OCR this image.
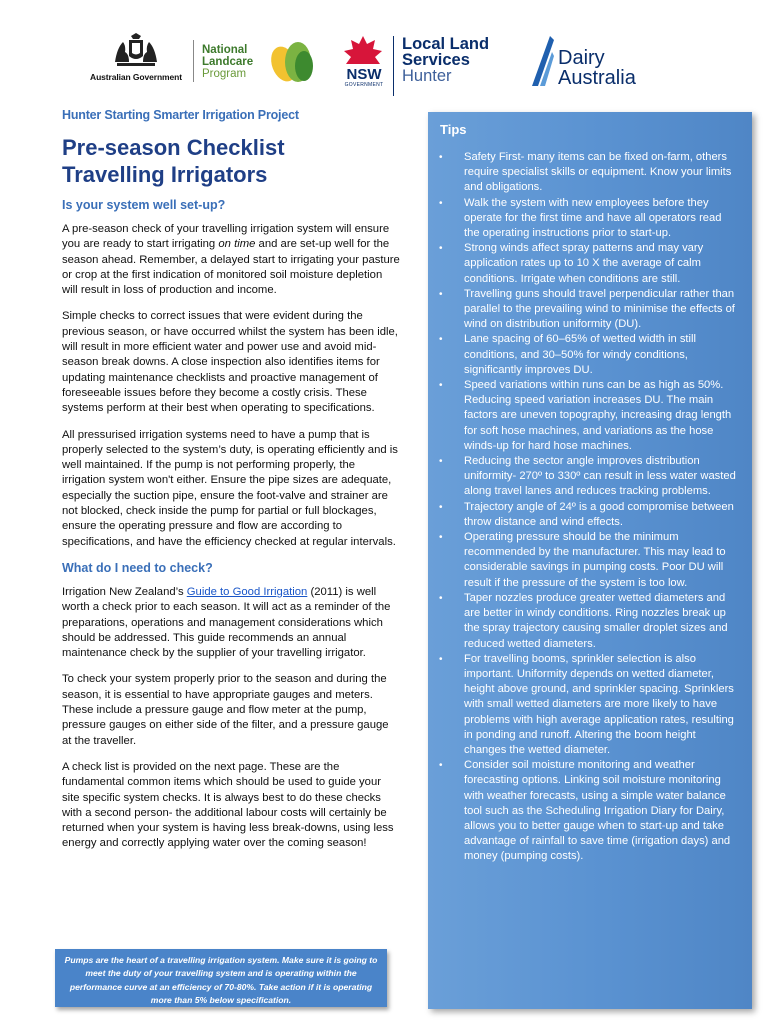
Australian Government
National
Landcare
Program	NSW
GOVERNMENT
Local Land
Services
Hunter
Dairy
Australia
Hunter Starting Smarter Irrigation Project
Pre-season Checklist
Travelling Irrigators
Is your system well set-up?

A pre-season check of your travelling irrigation system will ensure you are ready to start irrigating on time and are set-up well for the season ahead. Remember, a delayed start to irrigating your pasture or crop at the first indication of monitored soil moisture depletion will result in loss of production and income.

Simple checks to correct issues that were evident during the previous season, or have occurred whilst the system has been idle, will result in more efficient water and power use and avoid mid-season break downs. A close inspection also identifies items for updating maintenance checklists and proactive management of foreseeable issues before they become a costly crisis. These systems perform at their best when operating to specifications.

All pressurised irrigation systems need to have a pump that is properly selected to the system’s duty, is operating efficiently and is well maintained. If the pump is not performing properly, the irrigation system won't either. Ensure the pipe sizes are adequate, especially the suction pipe, ensure the foot-valve and strainer are not blocked, check inside the pump for partial or full blockages, ensure the operating pressure and flow are according to specifications, and have the efficiency checked at regular intervals.

What do I need to check?

Irrigation New Zealand’s Guide to Good Irrigation (2011) is well worth a check prior to each season. It will act as a reminder of the preparations, operations and management considerations which should be addressed. This guide recommends an annual maintenance check by the supplier of your travelling irrigator.

To check your system properly prior to the season and during the season, it is essential to have appropriate gauges and meters. These include a pressure gauge and flow meter at the pump, pressure gauges on either side of the filter, and a pressure gauge at the traveller.

A check list is provided on the next page. These are the fundamental common items which should be used to guide your site specific system checks. It is always best to do these checks with a second person- the additional labour costs will certainly be returned when your system is having less break-downs, using less energy and correctly applying water over the coming season!

Pumps are the heart of a travelling irrigation system. Make sure it is going to meet the duty of your travelling system and is operating within the performance curve at an efficiency of 70-80%. Take action if it is operating more than 5% below specification.

Tips
• Safety First- many items can be fixed on-farm, others require specialist skills or equipment. Know your limits and obligations.
• Walk the system with new employees before they operate for the first time and have all operators read the operating instructions prior to start-up.
• Strong winds affect spray patterns and may vary application rates up to 10 X the average of calm conditions. Irrigate when conditions are still.
• Travelling guns should travel perpendicular rather than parallel to the prevailing wind to minimise the effects of wind on distribution uniformity (DU).
• Lane spacing of 60–65% of wetted width in still conditions, and 30–50% for windy conditions, significantly improves DU.
• Speed variations within runs can be as high as 50%. Reducing speed variation increases DU. The main factors are uneven topography, increasing drag length for soft hose machines, and variations as the hose winds-up for hard hose machines.
• Reducing the sector angle improves distribution uniformity- 270º to 330º can result in less water wasted along travel lanes and reduces tracking problems.
• Trajectory angle of 24º is a good compromise between throw distance and wind effects.
• Operating pressure should be the minimum recommended by the manufacturer. This may lead to considerable savings in pumping costs. Poor DU will result if the pressure of the system is too low.
• Taper nozzles produce greater wetted diameters and are better in windy conditions. Ring nozzles break up the spray trajectory causing smaller droplet sizes and reduced wetted diameters.
• For travelling booms, sprinkler selection is also important. Uniformity depends on wetted diameter, height above ground, and sprinkler spacing. Sprinklers with small wetted diameters are more likely to have problems with high average application rates, resulting in ponding and runoff. Altering the boom height changes the wetted diameter.
• Consider soil moisture monitoring and weather forecasting options. Linking soil moisture monitoring with weather forecasts, using a simple water balance tool such as the Scheduling Irrigation Diary for Dairy, allows you to better gauge when to start-up and take advantage of rainfall to save time (irrigation days) and money (pumping costs).
